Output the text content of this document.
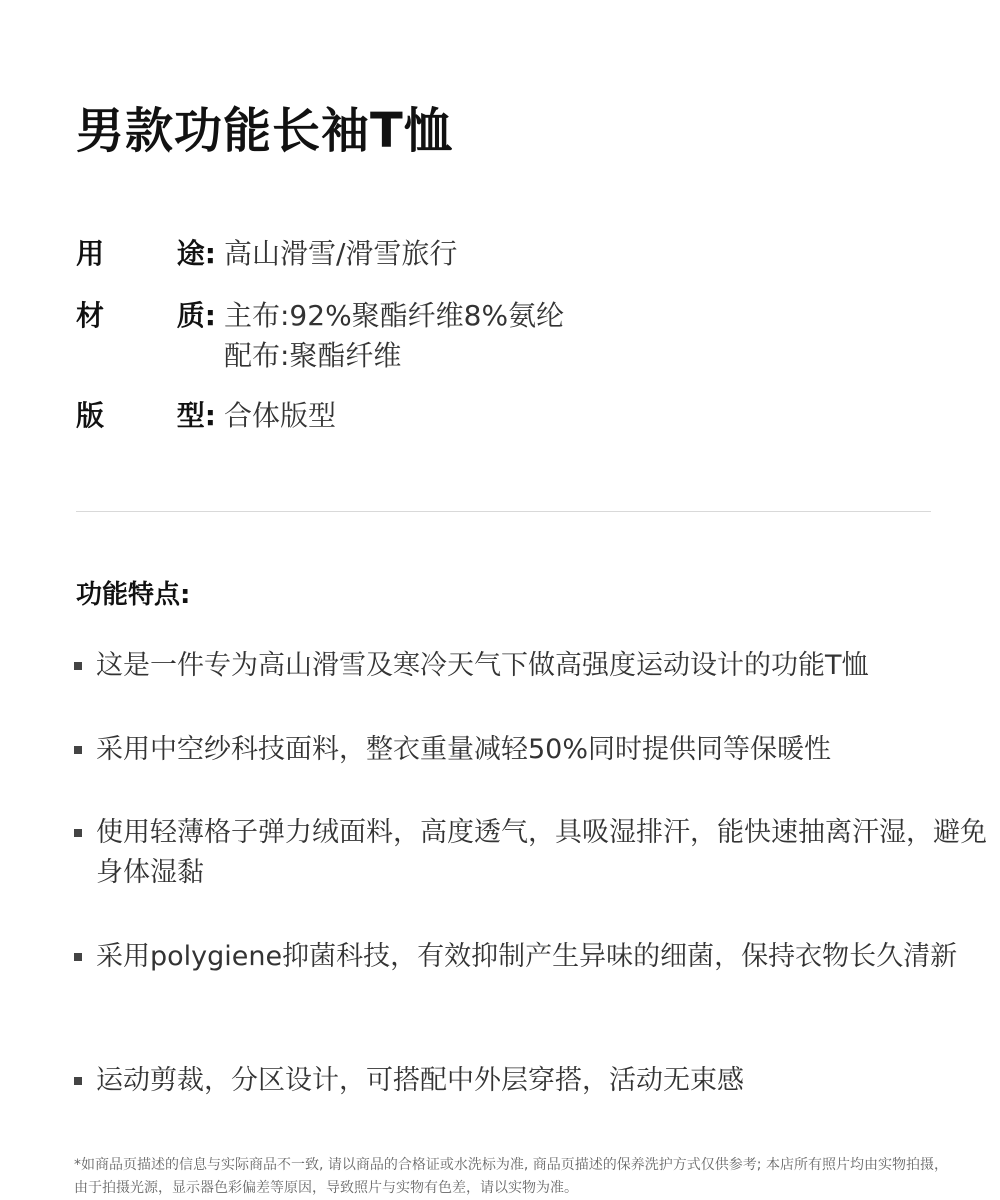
男款功能长袖T恤
用	途: 高山滑雪/滑雪旅行
材	质: 主布:92%聚酯纤维8%氨纶
配布:聚酯纤维
版	型: 合体版型
功能特点:
这是一件专为高山滑雪及寒冷天气下做高强度运动设计的功能T恤
采用中空纱科技面料，整衣重量减轻50%同时提供同等保暖性
使用轻薄格子弹力绒面料，高度透气，具吸湿排汗，能快速抽离汗湿，避免身体湿黏
采用polygiene抑菌科技，有效抑制产生异味的细菌，保持衣物长久清新
运动剪裁，分区设计，可搭配中外层穿搭，活动无束感
*如商品页描述的信息与实际商品不一致, 请以商品的合格证或水洗标为准, 商品页描述的保养洗护方式仅供参考; 本店所有照片均由实物拍摄，由于拍摄光源，显示器色彩偏差等原因，导致照片与实物有色差，请以实物为准。
